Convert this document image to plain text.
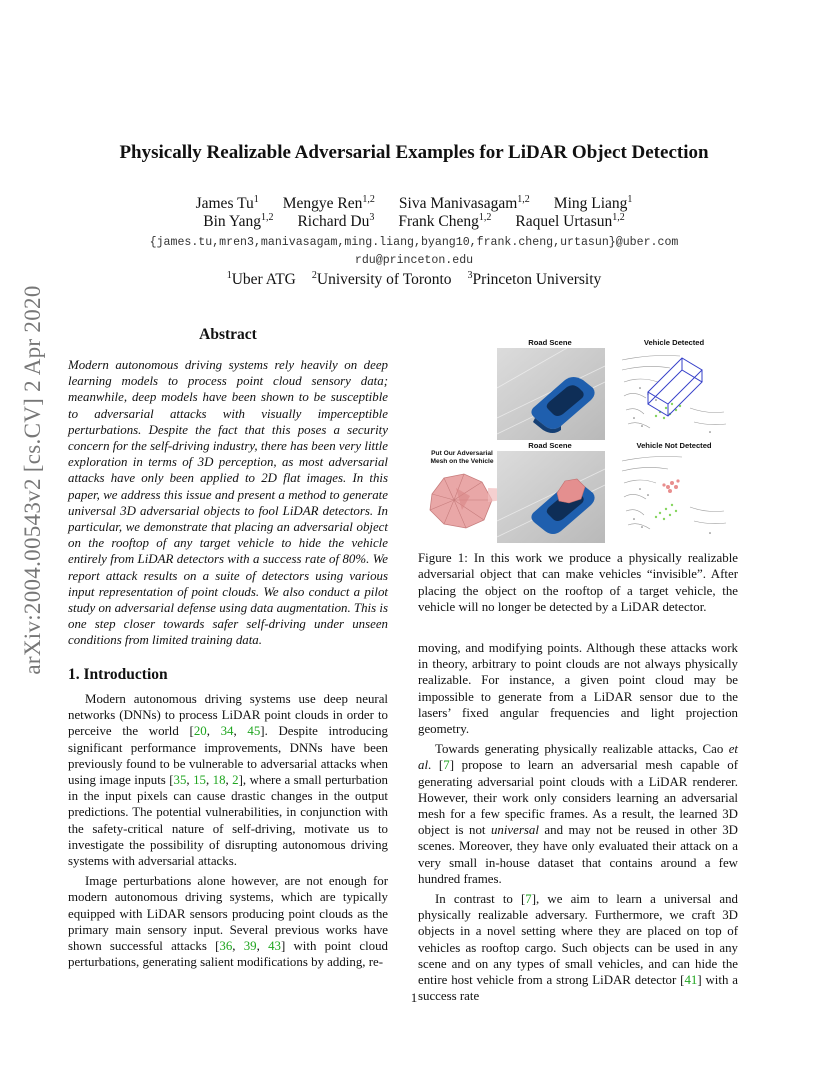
arXiv:2004.00543v2 [cs.CV] 2 Apr 2020
Physically Realizable Adversarial Examples for LiDAR Object Detection
James Tu$^1$ Mengye Ren$^{1,2}$ Siva Manivasagam$^{1,2}$ Ming Liang$^1$
Bin Yang$^{1,2}$ Richard Du$^3$ Frank Cheng$^{1,2}$ Raquel Urtasun$^{1,2}$
{james.tu,mren3,manivasagam,ming.liang,byang10,frank.cheng,urtasun}@uber.com
rdu@princeton.edu
$^1$Uber ATG $^2$University of Toronto $^3$Princeton University
Abstract
Modern autonomous driving systems rely heavily on deep learning models to process point cloud sensory data; meanwhile, deep models have been shown to be susceptible to adversarial attacks with visually imperceptible perturbations. Despite the fact that this poses a security concern for the self-driving industry, there has been very little exploration in terms of 3D perception, as most adversarial attacks have only been applied to 2D flat images. In this paper, we address this issue and present a method to generate universal 3D adversarial objects to fool LiDAR detectors. In particular, we demonstrate that placing an adversarial object on the rooftop of any target vehicle to hide the vehicle entirely from LiDAR detectors with a success rate of 80%. We report attack results on a suite of detectors using various input representation of point clouds. We also conduct a pilot study on adversarial defense using data augmentation. This is one step closer towards safer self-driving under unseen conditions from limited training data.
1. Introduction

Modern autonomous driving systems use deep neural networks (DNNs) to process LiDAR point clouds in order to perceive the world [20, 34, 45]. Despite introducing significant performance improvements, DNNs have been previously found to be vulnerable to adversarial attacks when using image inputs [35, 15, 18, 2], where a small perturbation in the input pixels can cause drastic changes in the output predictions. The potential vulnerabilities, in conjunction with the safety-critical nature of self-driving, motivate us to investigate the possibility of disrupting autonomous driving systems with adversarial attacks.

Image perturbations alone however, are not enough for modern autonomous driving systems, which are typically equipped with LiDAR sensors producing point clouds as the primary main sensory input. Several previous works have shown successful attacks [36, 39, 43] with point cloud perturbations, generating salient modifications by adding, re-

Road Scene	Vehicle Detected
Road Scene	Vehicle Not Detected
Put Our Adversarial
Mesh on the Vehicle
Figure 1: In this work we produce a physically realizable adversarial object that can make vehicles “invisible”. After placing the object on the rooftop of a target vehicle, the vehicle will no longer be detected by a LiDAR detector.

moving, and modifying points. Although these attacks work in theory, arbitrary to point clouds are not always physically realizable. For instance, a given point cloud may be impossible to generate from a LiDAR sensor due to the lasers’ fixed angular frequencies and light projection geometry.

Towards generating physically realizable attacks, Cao et al. [7] propose to learn an adversarial mesh capable of generating adversarial point clouds with a LiDAR renderer. However, their work only considers learning an adversarial mesh for a few specific frames. As a result, the learned 3D object is not universal and may not be reused in other 3D scenes. Moreover, they have only evaluated their attack on a very small in-house dataset that contains around a few hundred frames.

In contrast to [7], we aim to learn a universal and physically realizable adversary. Furthermore, we craft 3D objects in a novel setting where they are placed on top of vehicles as rooftop cargo. Such objects can be used in any scene and on any types of small vehicles, and can hide the entire host vehicle from a strong LiDAR detector [41] with a success rate

1
